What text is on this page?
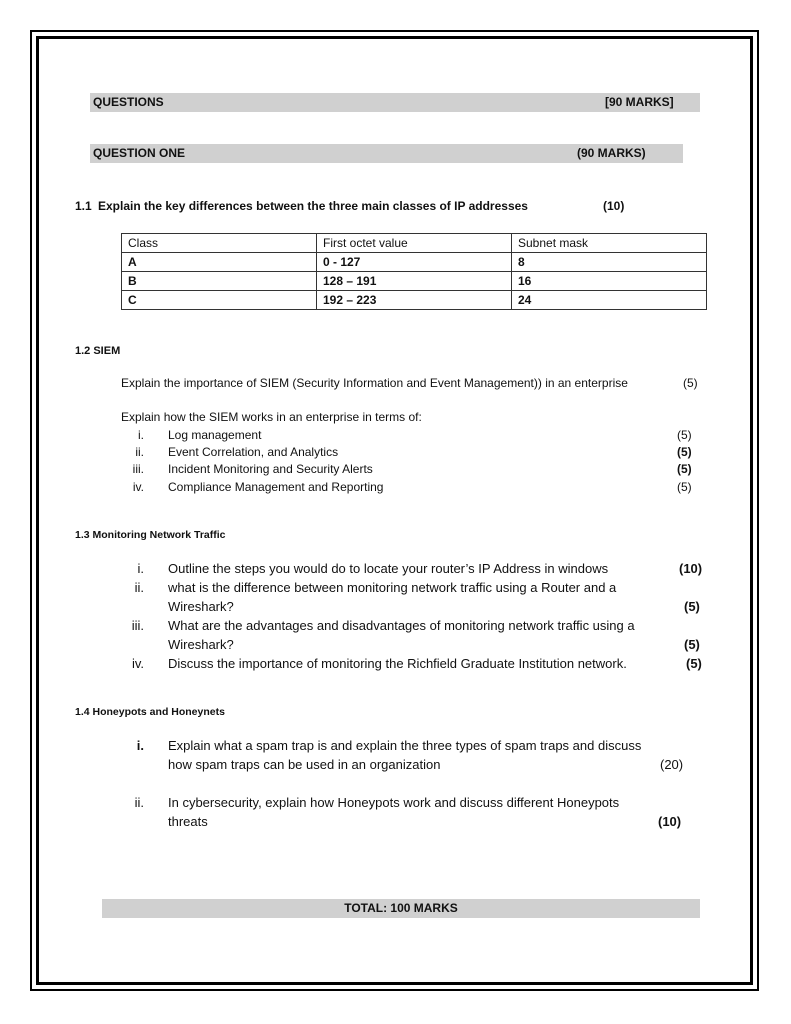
QUESTIONS	[90 MARKS]
QUESTION ONE	(90 MARKS)
1.1 Explain the key differences between the three main classes of IP addresses	(10)
Class	First octet value	Subnet mask
A	0 - 127	8
B	128 – 191	16
C	192 – 223	24
1.2 SIEM
Explain the importance of SIEM (Security Information and Event Management)) in an enterprise	(5)
Explain how the SIEM works in an enterprise in terms of:
i. Log management	(5)
ii. Event Correlation, and Analytics	(5)
iii. Incident Monitoring and Security Alerts	(5)
iv. Compliance Management and Reporting	(5)
1.3 Monitoring Network Traffic
i. Outline the steps you would do to locate your router’s IP Address in windows	(10)
ii. what is the difference between monitoring network traffic using a Router and a
Wireshark?	(5)
iii. What are the advantages and disadvantages of monitoring network traffic using a
Wireshark?	(5)
iv. Discuss the importance of monitoring the Richfield Graduate Institution network.	(5)
1.4 Honeypots and Honeynets
i. Explain what a spam trap is and explain the three types of spam traps and discuss
how spam traps can be used in an organization	(20)
ii. In cybersecurity, explain how Honeypots work and discuss different Honeypots
threats	(10)
TOTAL: 100 MARKS
